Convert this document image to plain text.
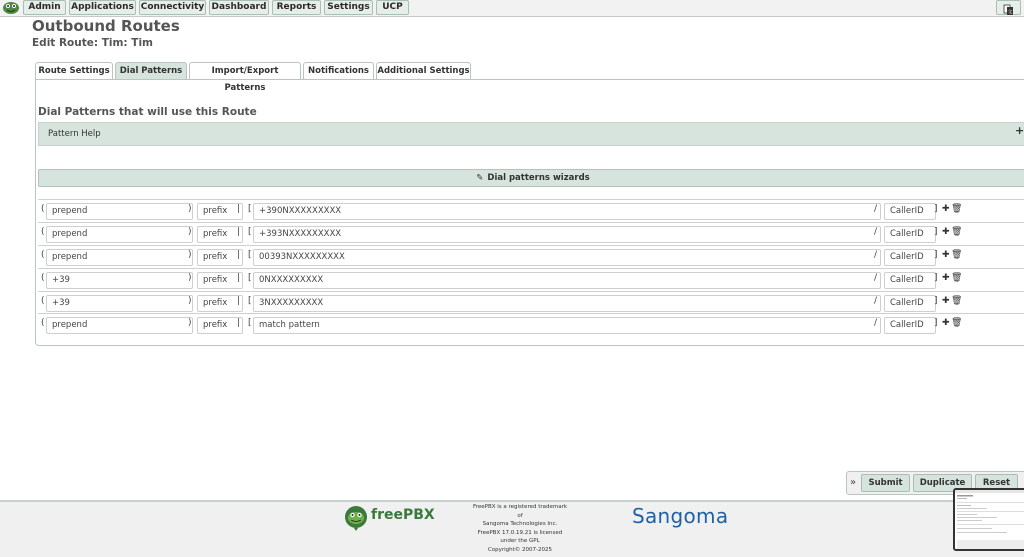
Admin	Applications Connectivity Dashboard	Reports	Settings	UCP
文
Outbound Routes
Edit Route: Tim: Tim
Route Settings	Dial Patterns	Import/Export Patterns
Notifications Additional Settings
Dial Patterns that will use this Route
Pattern Help	+
✎ Dial patterns wizards
( prepend	)	prefix	| [ +390NXXXXXXXXX	/	CallerID	] ✚ 🗑
( prepend	)	prefix	| [ +393NXXXXXXXXX	/	CallerID	] ✚ 🗑
( prepend	)	prefix	| [ 00393NXXXXXXXXX	/	CallerID	] ✚ 🗑
( +39	)	prefix	| [ 0NXXXXXXXXX	/	CallerID	] ✚ 🗑
( +39	)	prefix	| [ 3NXXXXXXXXX	/	CallerID	] ✚ 🗑
( prepend	)	prefix	| [ match pattern	/	CallerID	] ✚ 🗑
»	Submit	Duplicate	Reset
freePBX	FreePBX is a registered trademark of
Sangoma Technologies Inc.
FreePBX 17.0.19.21 is licensed under the GPL
Copyright© 2007-2025
Sangoma
